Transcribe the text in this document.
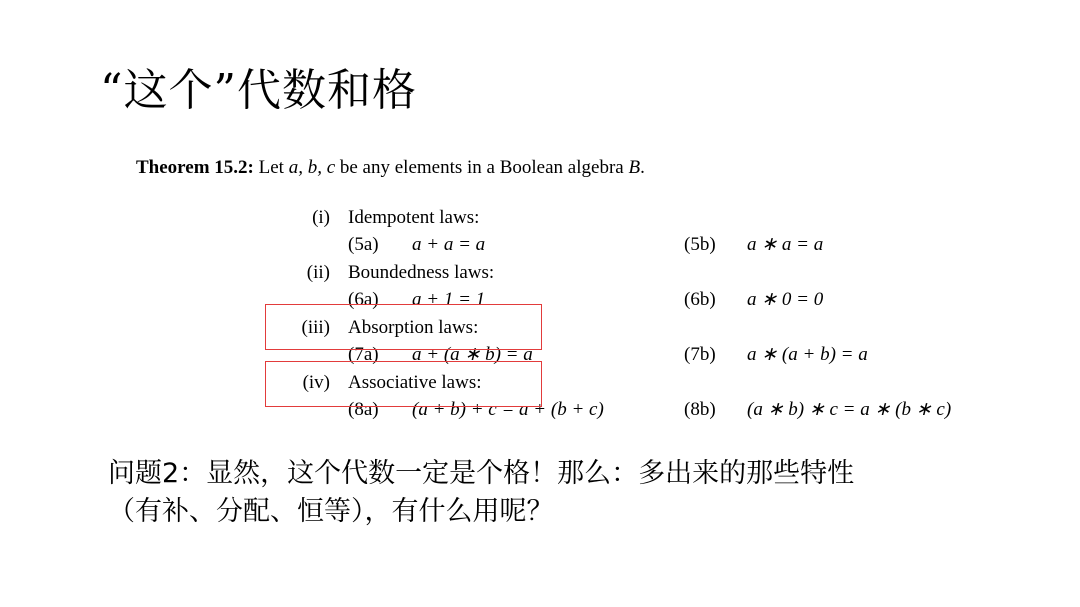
“这个”代数和格
Theorem 15.2: Let a, b, c be any elements in a Boolean algebra B.
(i) Idempotent laws:
(5a) a + a = a	(5b) a ∗ a = a
(ii) Boundedness laws:
(6a) a + 1 = 1	(6b) a ∗ 0 = 0
(iii) Absorption laws:
(7a) a + (a ∗ b) = a	(7b) a ∗ (a + b) = a
(iv) Associative laws:
(8a) (a + b) + c = a + (b + c)	(8b) (a ∗ b) ∗ c = a ∗ (b ∗ c)
问题2：显然，这个代数一定是个格！那么：多出来的那些特性
（有补、分配、恒等），有什么用呢？
